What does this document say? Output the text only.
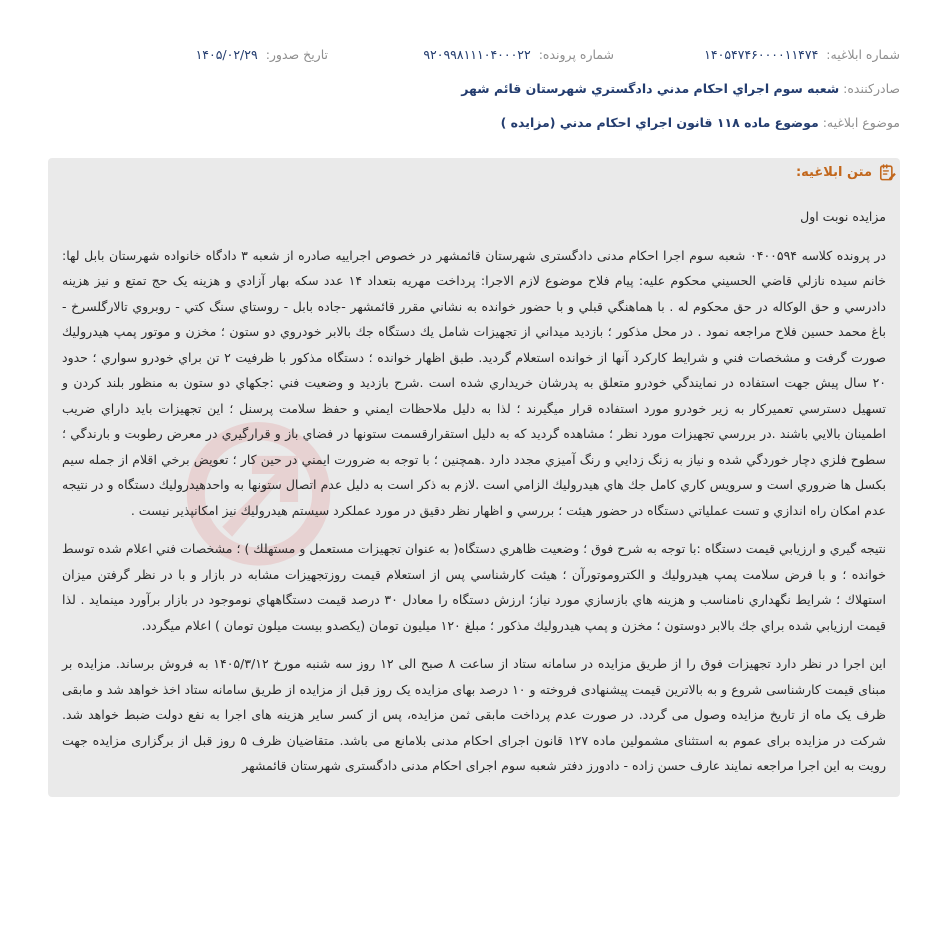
شماره ابلاغیه: ۱۴۰۵۴۷۴۶۰۰۰۰۱۱۴۷۴
شماره پرونده: ۹۲۰۹۹۸۱۱۱۰۴۰۰۰۲۲
تاریخ صدور: ۱۴۰۵/۰۲/۲۹
صادرکننده:
شعبه سوم اجراي احكام مدني دادگستري شهرستان قائم شهر
موضوع ابلاغیه:
موضوع ماده ۱۱۸ قانون اجراي احكام مدني (مزايده )
متن ابلاغیه:

مزايده نوبت اول

در پرونده كلاسه ۰۴۰۰۵۹۴ شعبه سوم اجرا احكام مدنی دادگستری شهرستان قائمشهر در خصوص اجراییه صادره از شعبه ۳ دادگاه خانواده شهرستان بابل لها: خانم سيده نازلي قاضي الحسيني محكوم عليه: پيام فلاح موضوع لازم الاجرا: پرداخت مهريه بتعداد ۱۴ عدد سكه بهار آزادي و هزينه يک حج تمتع و نيز هزينه دادرسي و حق الوكاله در حق محكوم له . با هماهنگي قبلي و با حضور خوانده به نشاني مقرر قائمشهر -جاده بابل - روستاي سنگ كتي - روبروي تالارگلسرخ - باغ محمد حسين فلاح مراجعه نمود . در محل مذكور ؛ بازديد ميداني از تجهيزات شامل يك دستگاه جك بالابر خودروي دو ستون ؛ مخزن و موتور پمپ هيدروليك صورت گرفت و مشخصات فني و شرايط كاركرد آنها از خوانده استعلام گرديد. طبق اظهار خوانده ؛ دستگاه مذكور با ظرفيت ۲ تن براي خودرو سواري ؛ حدود ۲۰ سال پيش جهت استفاده در نمايندگي خودرو متعلق به پدرشان خريداري شده است .شرح بازديد و وضعيت فني :جكهاي دو ستون به منظور بلند كردن و تسهيل دسترسي تعميركار به زير خودرو مورد استفاده قرار ميگيرند ؛ لذا به دليل ملاحظات ايمني و حفظ سلامت پرسنل ؛ اين تجهيزات بايد داراي ضريب اطمينان بالايي باشند .در بررسي تجهيزات مورد نظر ؛ مشاهده گرديد كه به دليل استقرارقسمت ستونها در فضاي باز و قرارگيري در معرض رطوبت و بارندگي ؛ سطوح فلزي دچار خوردگي شده و نياز به زنگ زدايي و رنگ آميزي مجدد دارد .همچنين ؛ با توجه به ضرورت ايمني در حين كار ؛ تعويض برخي اقلام از جمله سيم بكسل ها ضروري است و سرويس كاري كامل جك هاي هيدروليك الزامي است .لازم به ذكر است به دليل عدم اتصال ستونها به واحدهيدروليك دستگاه و در نتيجه عدم امكان راه اندازي و تست عملياتي دستگاه در حضور هيئت ؛ بررسي و اظهار نظر دقيق در مورد عملكرد سيستم هيدروليك نيز امكانپذير نيست .

نتيجه گيري و ارزيابي قيمت دستگاه :با توجه به شرح فوق ؛ وضعيت ظاهري دستگاه( به عنوان تجهيزات مستعمل و مستهلك ) ؛ مشخصات فني اعلام شده توسط خوانده ؛ و با فرض سلامت پمپ هيدروليك و الكتروموتورآن ؛ هيئت كارشناسي پس از استعلام قيمت روزتجهيزات مشابه در بازار و با در نظر گرفتن ميزان استهلاك ؛ شرايط نگهداري نامناسب و هزينه هاي بازسازي مورد نياز؛ ارزش دستگاه را معادل ۳۰ درصد قيمت دستگاههاي نوموجود در بازار برآورد مينمايد . لذا قيمت ارزيابي شده براي جك بالابر دوستون ؛ مخزن و پمپ هيدروليك مذكور ؛ مبلغ ۱۲۰ ميليون تومان (يكصدو بيست ميلون تومان ) اعلام ميگردد.

اين اجرا در نظر دارد تجهيزات فوق را از طريق مزايده در سامانه ستاد از ساعت ۸ صبح الی ۱۲ روز سه شنبه مورخ ۱۴۰۵/۳/۱۲ به فروش برساند. مزايده بر مبنای قيمت كارشناسی شروع و به بالاترين قيمت پيشنهادی فروخته و ۱۰ درصد بهای مزايده يک روز قبل از مزايده از طريق سامانه ستاد اخذ خواهد شد و مابقی ظرف يک ماه از تاريخ مزايده وصول می گردد. در صورت عدم پرداخت مابقی ثمن مزايده، پس از كسر ساير هزينه های اجرا به نفع دولت ضبط خواهد شد. شركت در مزايده برای عموم به استثنای مشمولين ماده ۱۲۷ قانون اجرای احكام مدنی بلامانع می باشد. متقاضيان ظرف ۵ روز قبل از برگزاری مزايده جهت رويت به اين اجرا مراجعه نمايند عارف حسن زاده - دادورز دفتر شعبه سوم اجرای احكام مدنی دادگستری شهرستان قائمشهر
